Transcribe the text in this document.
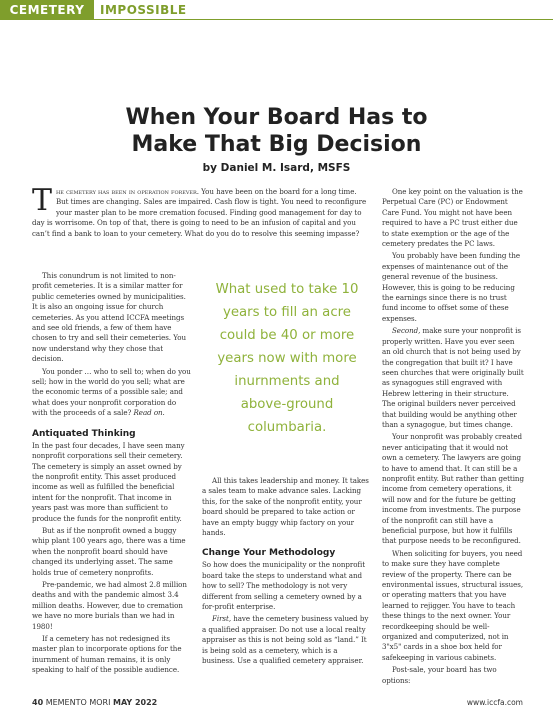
CEMETERY	IMPOSSIBLE
When Your Board Has to
Make That Big Decision
by Daniel M. Isard, MSFS
The cemetery has been in operation forever. You have been on the board for a long time. But times are changing. Sales are impaired. Cash flow is tight. You need to reconfigure your master plan to be more cremation focused. Finding good management for day to day is worrisome. On top of that, there is going to need to be an infusion of capital and you can’t find a bank to loan to your cemetery. What do you do to resolve this seeming impasse?

This conundrum is not limited to non-profit cemeteries. It is a similar matter for public cemeteries owned by municipalities. It is also an ongoing issue for church cemeteries. As you attend ICCFA meetings and see old friends, a few of them have chosen to try and sell their cemeteries. You now understand why they chose that decision.

You ponder … who to sell to; when do you sell; how in the world do you sell; what are the economic terms of a possible sale; and what does your nonprofit corporation do with the proceeds of a sale? Read on.

Antiquated Thinking

In the past four decades, I have seen many nonprofit corporations sell their cemetery. The cemetery is simply an asset owned by the nonprofit entity. This asset produced income as well as fulfilled the beneficial intent for the nonprofit. That income in years past was more than sufficient to produce the funds for the nonprofit entity.

But as if the nonprofit owned a buggy whip plant 100 years ago, there was a time when the nonprofit board should have changed its underlying asset. The same holds true of cemetery nonprofits.

Pre-pandemic, we had almost 2.8 million deaths and with the pandemic almost 3.4 million deaths. However, due to cremation we have no more burials than we had in 1980!

If a cemetery has not redesigned its master plan to incorporate options for the inurnment of human remains, it is only speaking to half of the possible audience.

What used to take 10 years to fill an acre could be 40 or more years now with more inurnments and above-ground columbaria.

All this takes leadership and money. It takes a sales team to make advance sales. Lacking this, for the sake of the nonprofit entity, your board should be prepared to take action or have an empty buggy whip factory on your hands.

Change Your Methodology

So how does the municipality or the nonprofit board take the steps to understand what and how to sell? The methodology is not very different from selling a cemetery owned by a for-profit enterprise.

First, have the cemetery business valued by a qualified appraiser. Do not use a local realty appraiser as this is not being sold as “land.” It is being sold as a cemetery, which is a business. Use a qualified cemetery appraiser.

One key point on the valuation is the Perpetual Care (PC) or Endowment Care Fund. You might not have been required to have a PC trust either due to state exemption or the age of the cemetery predates the PC laws.

You probably have been funding the expenses of maintenance out of the general revenue of the business. However, this is going to be reducing the earnings since there is no trust fund income to offset some of these expenses.

Second, make sure your nonprofit is properly written. Have you ever seen an old church that is not being used by the congregation that built it? I have seen churches that were originally built as synagogues still engraved with Hebrew lettering in their structure. The original builders never perceived that building would be anything other than a synagogue, but times change.

Your nonprofit was probably created never anticipating that it would not own a cemetery. The lawyers are going to have to amend that. It can still be a nonprofit entity. But rather than getting income from cemetery operations, it will now and for the future be getting income from investments. The purpose of the nonprofit can still have a beneficial purpose, but how it fulfills that purpose needs to be reconfigured.

When soliciting for buyers, you need to make sure they have complete review of the property. There can be environmental issues, structural issues, or operating matters that you have learned to rejigger. You have to teach these things to the next owner. Your recordkeeping should be well-organized and computerized, not in 3"x5" cards in a shoe box held for safekeeping in various cabinets.

Post-sale, your board has two options:

40 MEMENTO MORI MAY 2022	www.iccfa.com
